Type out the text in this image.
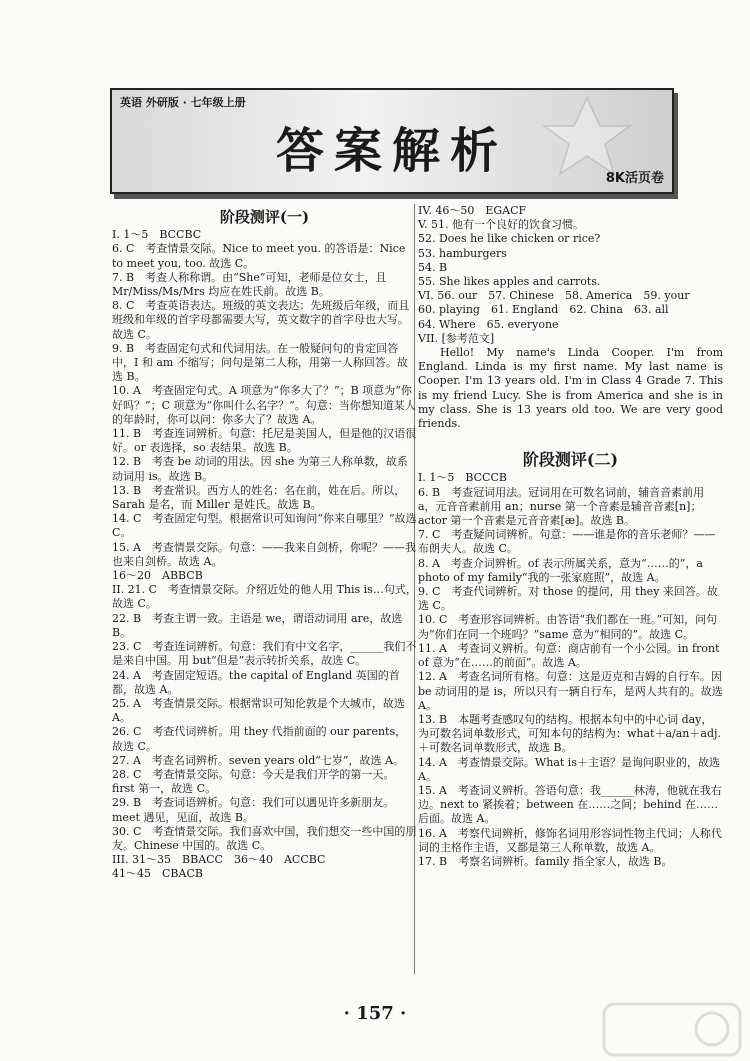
英语 外研版 · 七年级上册
答案解析	8K活页卷
阶段测评(一)

I. 1～5　BCCBC

6. C　考查情景交际。Nice to meet you. 的答语是：Nice to meet you, too. 故选 C。

7. B　考查人称称谓。由“She”可知，老师是位女士，且 Mr/Miss/Ms/Mrs 均应在姓氏前。故选 B。

8. C　考查英语表达。班级的英文表达：先班级后年级，而且班级和年级的首字母都需要大写，英文数字的首字母也大写。故选 C。

9. B　考查固定句式和代词用法。在一般疑问句的肯定回答中，I 和 am 不缩写；问句是第二人称，用第一人称回答。故选 B。

10. A　考查固定句式。A 项意为“你多大了？”；B 项意为“你好吗？”；C 项意为“你叫什么名字？”。句意：当你想知道某人的年龄时，你可以问：你多大了？故选 A。

11. B　考查连词辨析。句意：托尼是美国人，但是他的汉语很好。or 表选择，so 表结果。故选 B。

12. B　考查 be 动词的用法。因 she 为第三人称单数，故系动词用 is。故选 B。

13. B　考查常识。西方人的姓名：名在前，姓在后。所以，Sarah 是名，而 Miller 是姓氏。故选 B。

14. C　考查固定句型。根据常识可知询问“你来自哪里？”故选 C。

15. A　考查情景交际。句意：——我来自剑桥，你呢？——我也来自剑桥。故选 A。

16～20　ABBCB

II. 21. C　考查情景交际。介绍近处的他人用 This is…句式，故选 C。

22. B　考查主谓一致。主语是 we，谓语动词用 are，故选 B。

23. C　考查连词辨析。句意：我们有中文名字，______我们不是来自中国。用 but“但是”表示转折关系，故选 C。

24. A　考查固定短语。the capital of England 英国的首都，故选 A。

25. A　考查情景交际。根据常识可知伦敦是个大城市，故选 A。

26. C　考查代词辨析。用 they 代指前面的 our parents，故选 C。

27. A　考查名词辨析。seven years old“七岁”，故选 A。

28. C　考查情景交际。句意：今天是我们开学的第一天。first 第一，故选 C。

29. B　考查词语辨析。句意：我们可以遇见许多新朋友。meet 遇见，见面，故选 B。

30. C　考查情景交际。我们喜欢中国，我们想交一些中国的朋友。Chinese 中国的。故选 C。

III. 31～35　BBACC　36～40　ACCBC

41～45　CBACB

IV. 46～50　EGACF

V. 51. 他有一个良好的饮食习惯。

52. Does he like chicken or rice?

53. hamburgers

54. B

55. She likes apples and carrots.

VI. 56. our　57. Chinese　58. America　59. your

60. playing　61. England　62. China　63. all

64. Where　65. everyone

VII. [参考范文]

Hello! My name's Linda Cooper. I'm from England. Linda is my first name. My last name is Cooper. I'm 13 years old. I'm in Class 4 Grade 7. This is my friend Lucy. She is from America and she is in my class. She is 13 years old too. We are very good friends.

阶段测评(二)

I. 1～5　BCCCB

6. B　考查冠词用法。冠词用在可数名词前，辅音音素前用 a，元音音素前用 an；nurse 第一个音素是辅音音素[n]；actor 第一个音素是元音音素[æ]。故选 B。

7. C　考查疑问词辨析。句意：——谁是你的音乐老师？——布朗夫人。故选 C。

8. A　考查介词辨析。of 表示所属关系，意为“……的”，a photo of my family“我的一张家庭照”，故选 A。

9. C　考查代词辨析。对 those 的提问，用 they 来回答。故选 C。

10. C　考查形容词辨析。由答语“我们都在一班。”可知，问句为“你们在同一个班吗？”same 意为“相同的”。故选 C。

11. A　考查词义辨析。句意：商店前有一个小公园。in front of 意为“在……的前面”。故选 A。

12. A　考查名词所有格。句意：这是迈克和吉姆的自行车。因 be 动词用的是 is，所以只有一辆自行车，是两人共有的。故选 A。

13. B　本题考查感叹句的结构。根据本句中的中心词 day，为可数名词单数形式，可知本句的结构为：what＋a/an＋adj.＋可数名词单数形式，故选 B。

14. A　考查情景交际。What is＋主语？是询问职业的，故选 A。

15. A　考查词义辨析。答语句意：我______林涛，他就在我右边。next to 紧挨着；between 在……之间；behind 在……后面。故选 A。

16. A　考察代词辨析，修饰名词用形容词性物主代词；人称代词的主格作主语，又都是第三人称单数，故选 A。

17. B　考察名词辨析。family 指全家人，故选 B。

· 157 ·
